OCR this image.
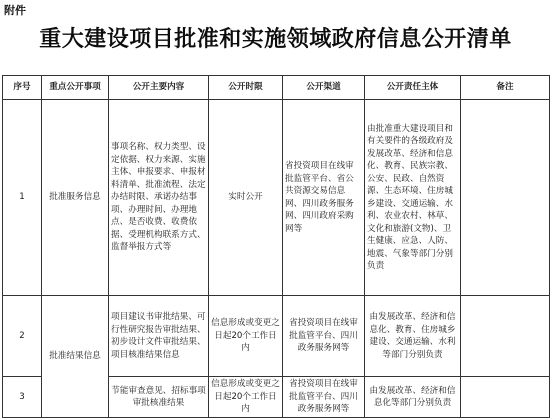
附件
重大建设项目批准和实施领域政府信息公开清单
序号	重点公开事项	公开主要内容	公开时限	公开渠道	公开责任主体	备注
1	批准服务信息	事项名称、权力类型、设定依据、权力来源、实施主体、申报要求、申报材料清单、批准流程、法定办结时限、承诺办结事项、办理时间、办理地点、是否收费、收费依据、受理机构联系方式、监督举报方式等	实时公开	省投资项目在线审批监管平台、省公共资源交易信息网、四川政务服务网、四川政府采购网等	由批准重大建设项目和有关要件的各级政府及发展改革、经济和信息化、教育、民族宗教、公安、民政、自然资源、生态环境、住房城乡建设、交通运输、水利、农业农村、林草、文化和旅游(文物)、卫生健康、应急、人防、地震、气象等部门分别负责	
2	批准结果信息	项目建议书审批结果、可行性研究报告审批结果、初步设计文件审批结果、项目核准结果信息	信息形成或变更之日起20个工作日内	省投资项目在线审批监管平台、四川政务服务网等	由发展改革、经济和信息化、教育、住房城乡建设、交通运输、水利等部门分别负责	
3		节能审查意见、招标事项审批核准结果	信息形成或变更之日起20个工作日内	省投资项目在线审批监管平台、四川政务服务网等	由发展改革、经济和信息化等部门分别负责	
